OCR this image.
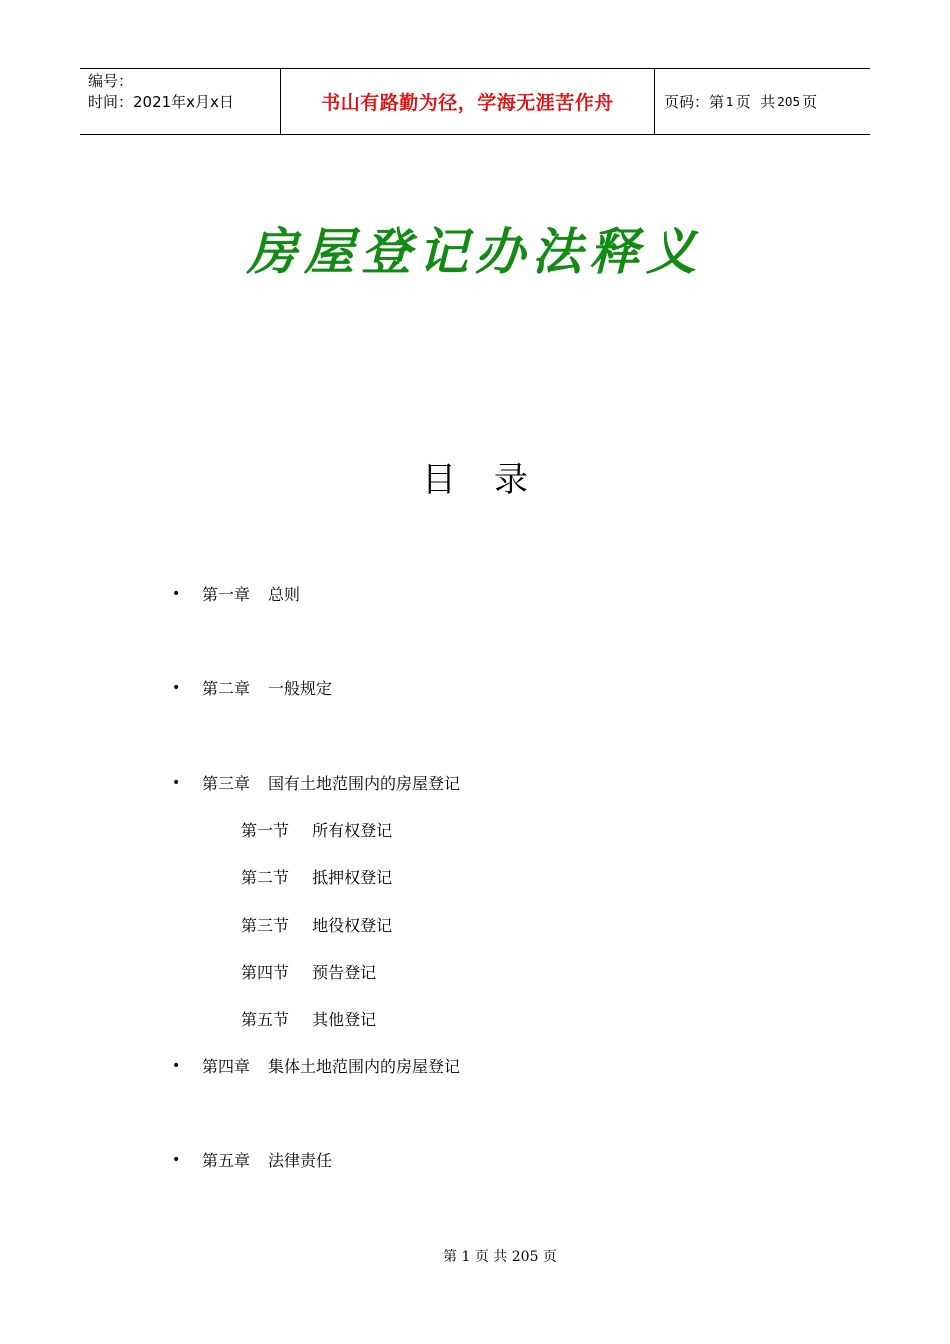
编号：
时间：2021年x月x日	书山有路勤为径，学海无涯苦作舟	页码：第 1 页  共 205 页
房屋登记办法释义
目 录
•	第一章 总则
•	第二章 一般规定
•	第三章 国有土地范围内的房屋登记
第一节 所有权登记
第二节 抵押权登记
第三节 地役权登记
第四节 预告登记
第五节 其他登记
•	第四章 集体土地范围内的房屋登记
•	第五章 法律责任
第 1 页 共 205 页
